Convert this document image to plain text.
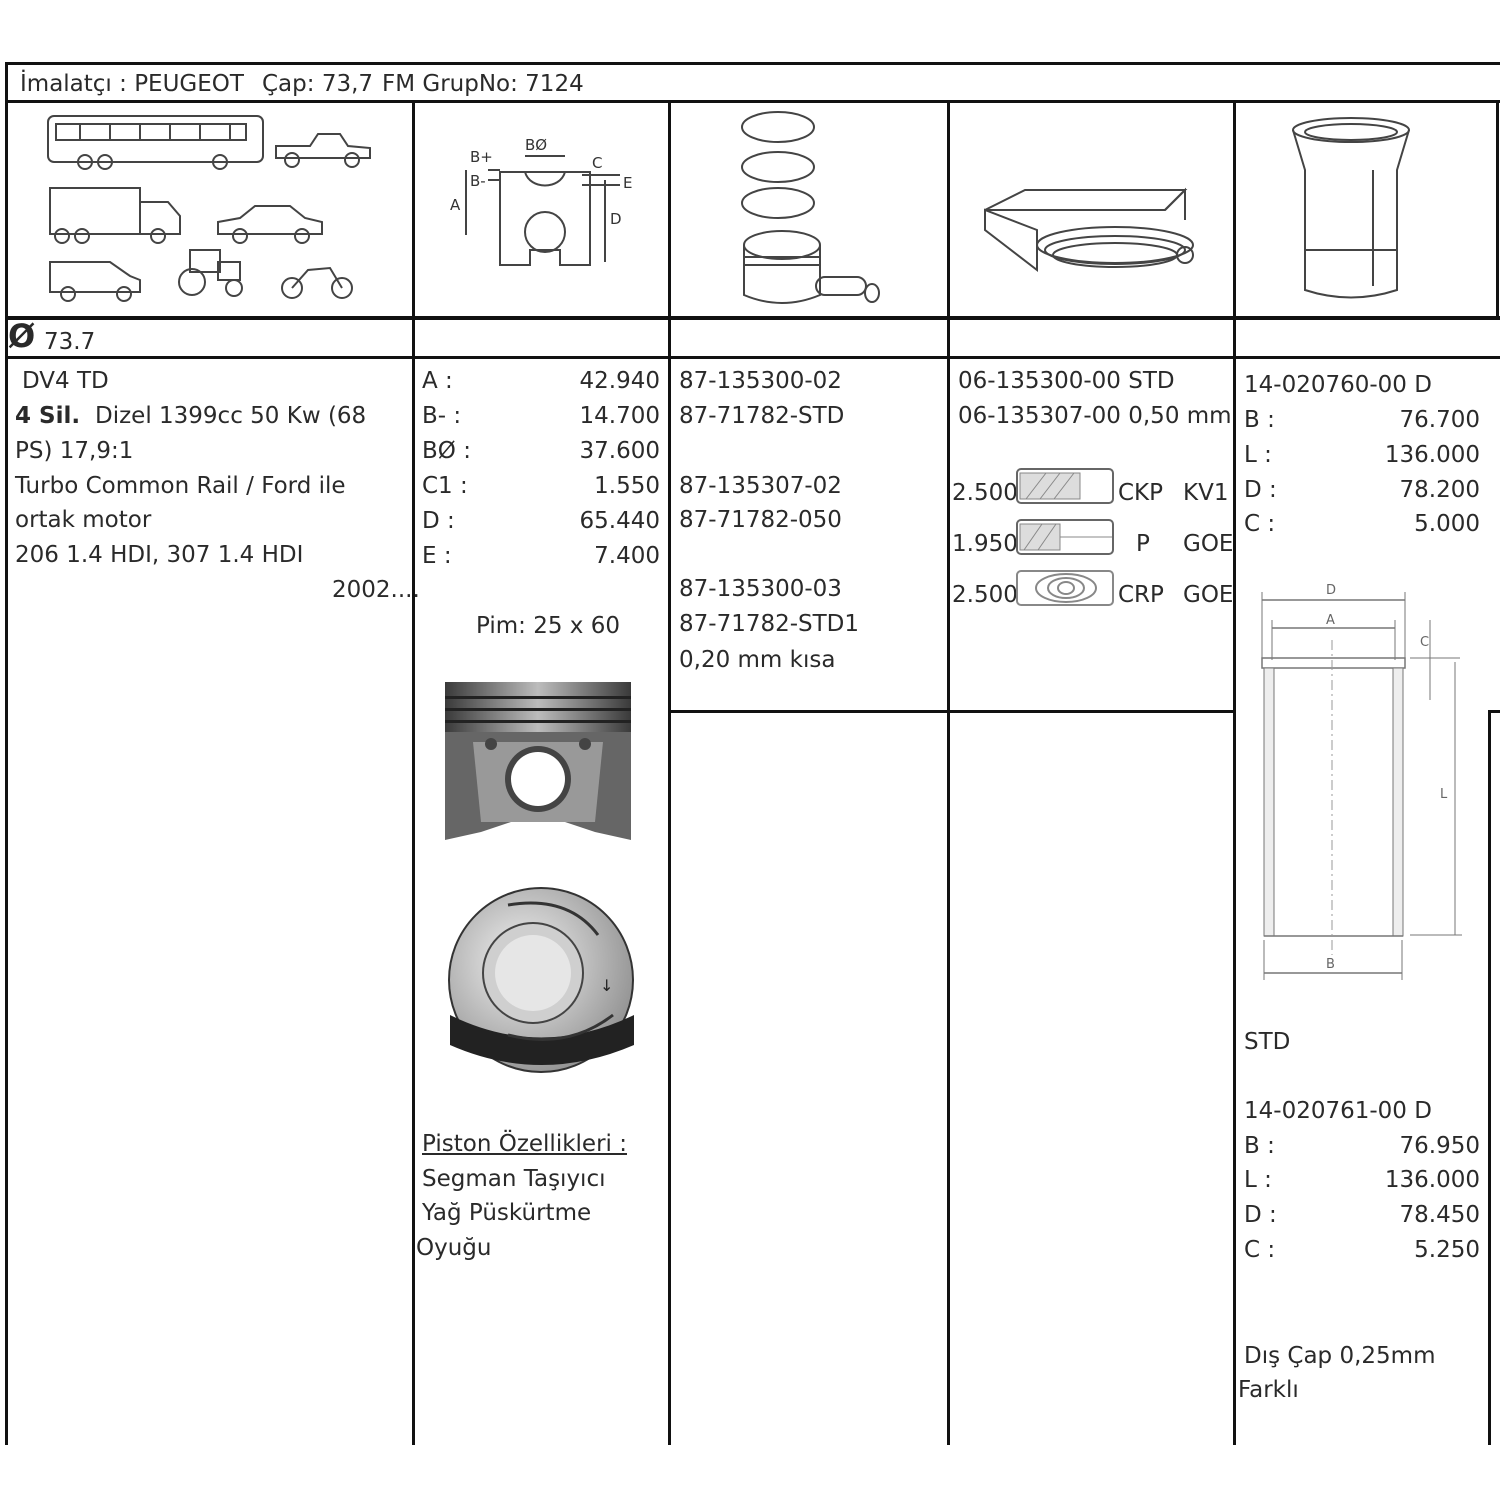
İmalatçı : PEUGEOT Çap: 73,7 FM GrupNo: 7124
B+
B-
A
BØ
C
E
D
Ø 73.7
DV4 TD
4 Sil. Dizel 1399cc 50 Kw (68
PS) 17,9:1
Turbo Common Rail / Ford ile
ortak motor
206 1.4 HDI, 307 1.4 HDI
2002....
A :	42.940
B- :	14.700
BØ :	37.600
C1 :	1.550
D :	65.440
E :	7.400
Pim: 25 x 60
↓
Piston Özellikleri :
Segman Taşıyıcı
Yağ Püskürtme
Oyuğu
87-135300-02
87-71782-STD
87-135307-02
87-71782-050
87-135300-03
87-71782-STD1
0,20 mm kısa
06-135300-00 STD
06-135307-00 0,50 mm
2.500	CKP KV1
1.950	P GOE
2.500	CRP GOE
14-020760-00 D
B :	76.700
L :	136.000
D :	78.200
C :	5.000
D
A
C
L
B
STD
14-020761-00 D
B :	76.950
L :	136.000
D :	78.450
C :	5.250
Dış Çap 0,25mm
Farklı
